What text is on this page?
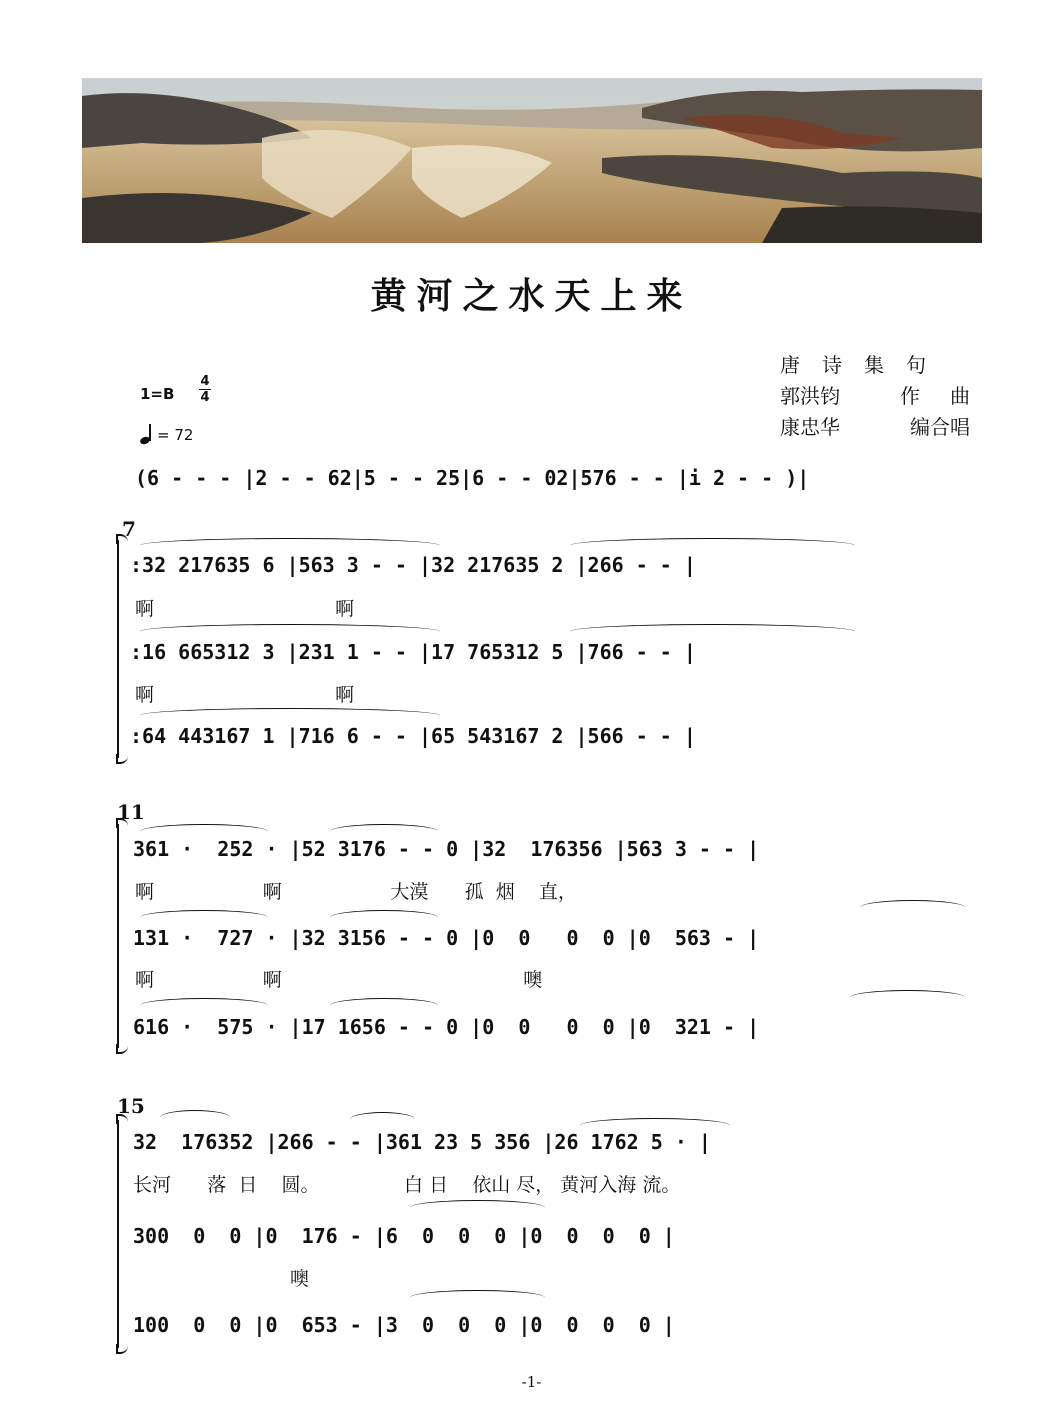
黄河之水天上来
唐诗集句
郭洪钧	作曲
康忠华	编合唱
1=B
4
4
= 72
(6 - - - |2 - - 62|5 - - 25|6 - - 02|576 - - |i 2 - - )|
7
:32 217635 6 |563 3 - - |32 217635 2 |266 - - |
啊                              啊
:16 665312 3 |231 1 - - |17 765312 5 |766 - - |
啊                              啊
:64 443167 1 |716 6 - - |65 543167 2 |566 - - |
11
361 ·  252 · |52 3176 - - 0 |32  176356 |563 3 - - |
啊                  啊                  大漠      孤  烟    直，
131 ·  727 · |32 3156 - - 0 |0  0   0  0 |0  563 - |
啊                  啊                                        噢
616 ·  575 · |17 1656 - - 0 |0  0   0  0 |0  321 - |
15
32  176352 |266 - - |361 23 5 356 |26 1762 5 · |
长河      落  日    圆。              白 日    依山 尽， 黄河入海 流。
300  0  0 |0  176 - |6  0  0  0 |0  0  0  0 |
噢
100  0  0 |0  653 - |3  0  0  0 |0  0  0  0 |
-1-
